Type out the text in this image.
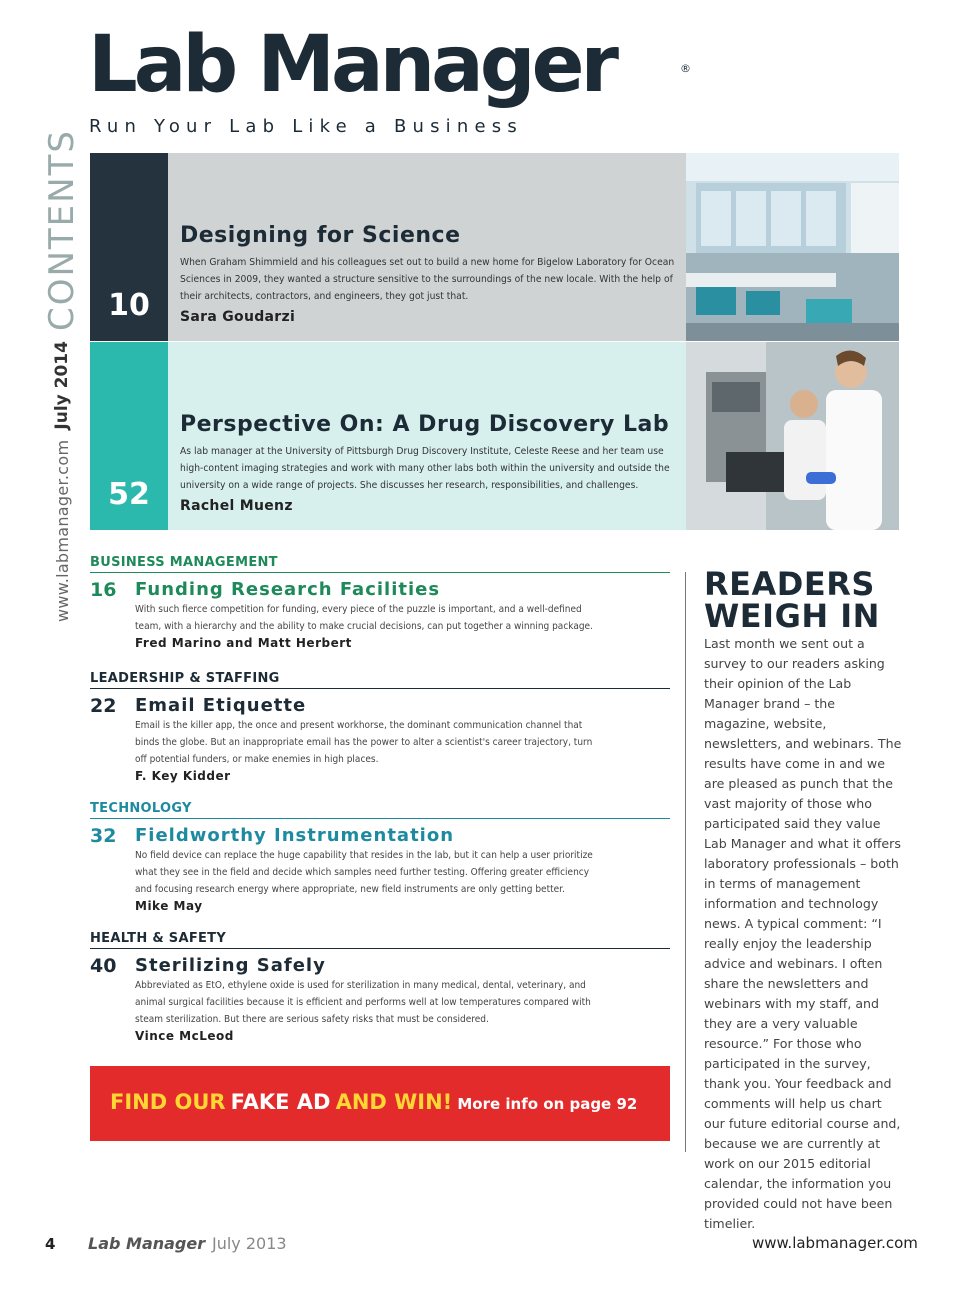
Lab Manager	®
Run Your Lab Like a Business
www.labmanager.com
July 2014
CONTENTS 10
Designing for Science
When Graham Shimmield and his colleagues set out to build a new home for Bigelow Laboratory for Ocean Sciences in 2009, they wanted a structure sensitive to the surroundings of the new locale. With the help of their architects, contractors, and engineers, they got just that.
Sara Goudarzi
52
Perspective On: A Drug Discovery Lab
As lab manager at the University of Pittsburgh Drug Discovery Institute, Celeste Reese and her team use high-content imaging strategies and work with many other labs both within the university and outside the university on a wide range of projects. She discusses her research, responsibilities, and challenges.
Rachel Muenz
BUSINESS MANAGEMENT
16	Funding Research Facilities
With such fierce competition for funding, every piece of the puzzle is important, and a well-defined team, with a hierarchy and the ability to make crucial decisions, can put together a winning package.
Fred Marino and Matt Herbert
LEADERSHIP & STAFFING
22	Email Etiquette
Email is the killer app, the once and present workhorse, the dominant communication channel that binds the globe. But an inappropriate email has the power to alter a scientist's career trajectory, turn off potential funders, or make enemies in high places.
F. Key Kidder
TECHNOLOGY
32	Fieldworthy Instrumentation
No field device can replace the huge capability that resides in the lab, but it can help a user prioritize what they see in the field and decide which samples need further testing. Offering greater efficiency and focusing research energy where appropriate, new field instruments are only getting better.
Mike May
HEALTH & SAFETY
40	Sterilizing Safely
Abbreviated as EtO, ethylene oxide is used for sterilization in many medical, dental, veterinary, and animal surgical facilities because it is efficient and performs well at low temperatures compared with steam sterilization. But there are serious safety risks that must be considered.
Vince McLeod
FIND OUR FAKE AD AND WIN! More info on page 92
READERS
WEIGH IN
Last month we sent out a survey to our readers asking their opinion of the Lab Manager brand – the magazine, website, newsletters, and webinars. The results have come in and we are pleased as punch that the vast majority of those who participated said they value Lab Manager and what it offers laboratory professionals – both in terms of management information and technology news. A typical comment: “I really enjoy the leadership advice and webinars. I often share the newsletters and webinars with my staff, and they are a very valuable resource.” For those who participated in the survey, thank you. Your feedback and comments will help us chart our future editorial course and, because we are currently at work on our 2015 editorial calendar, the information you provided could not have been timelier.
4 Lab Manager July 2013	www.labmanager.com
